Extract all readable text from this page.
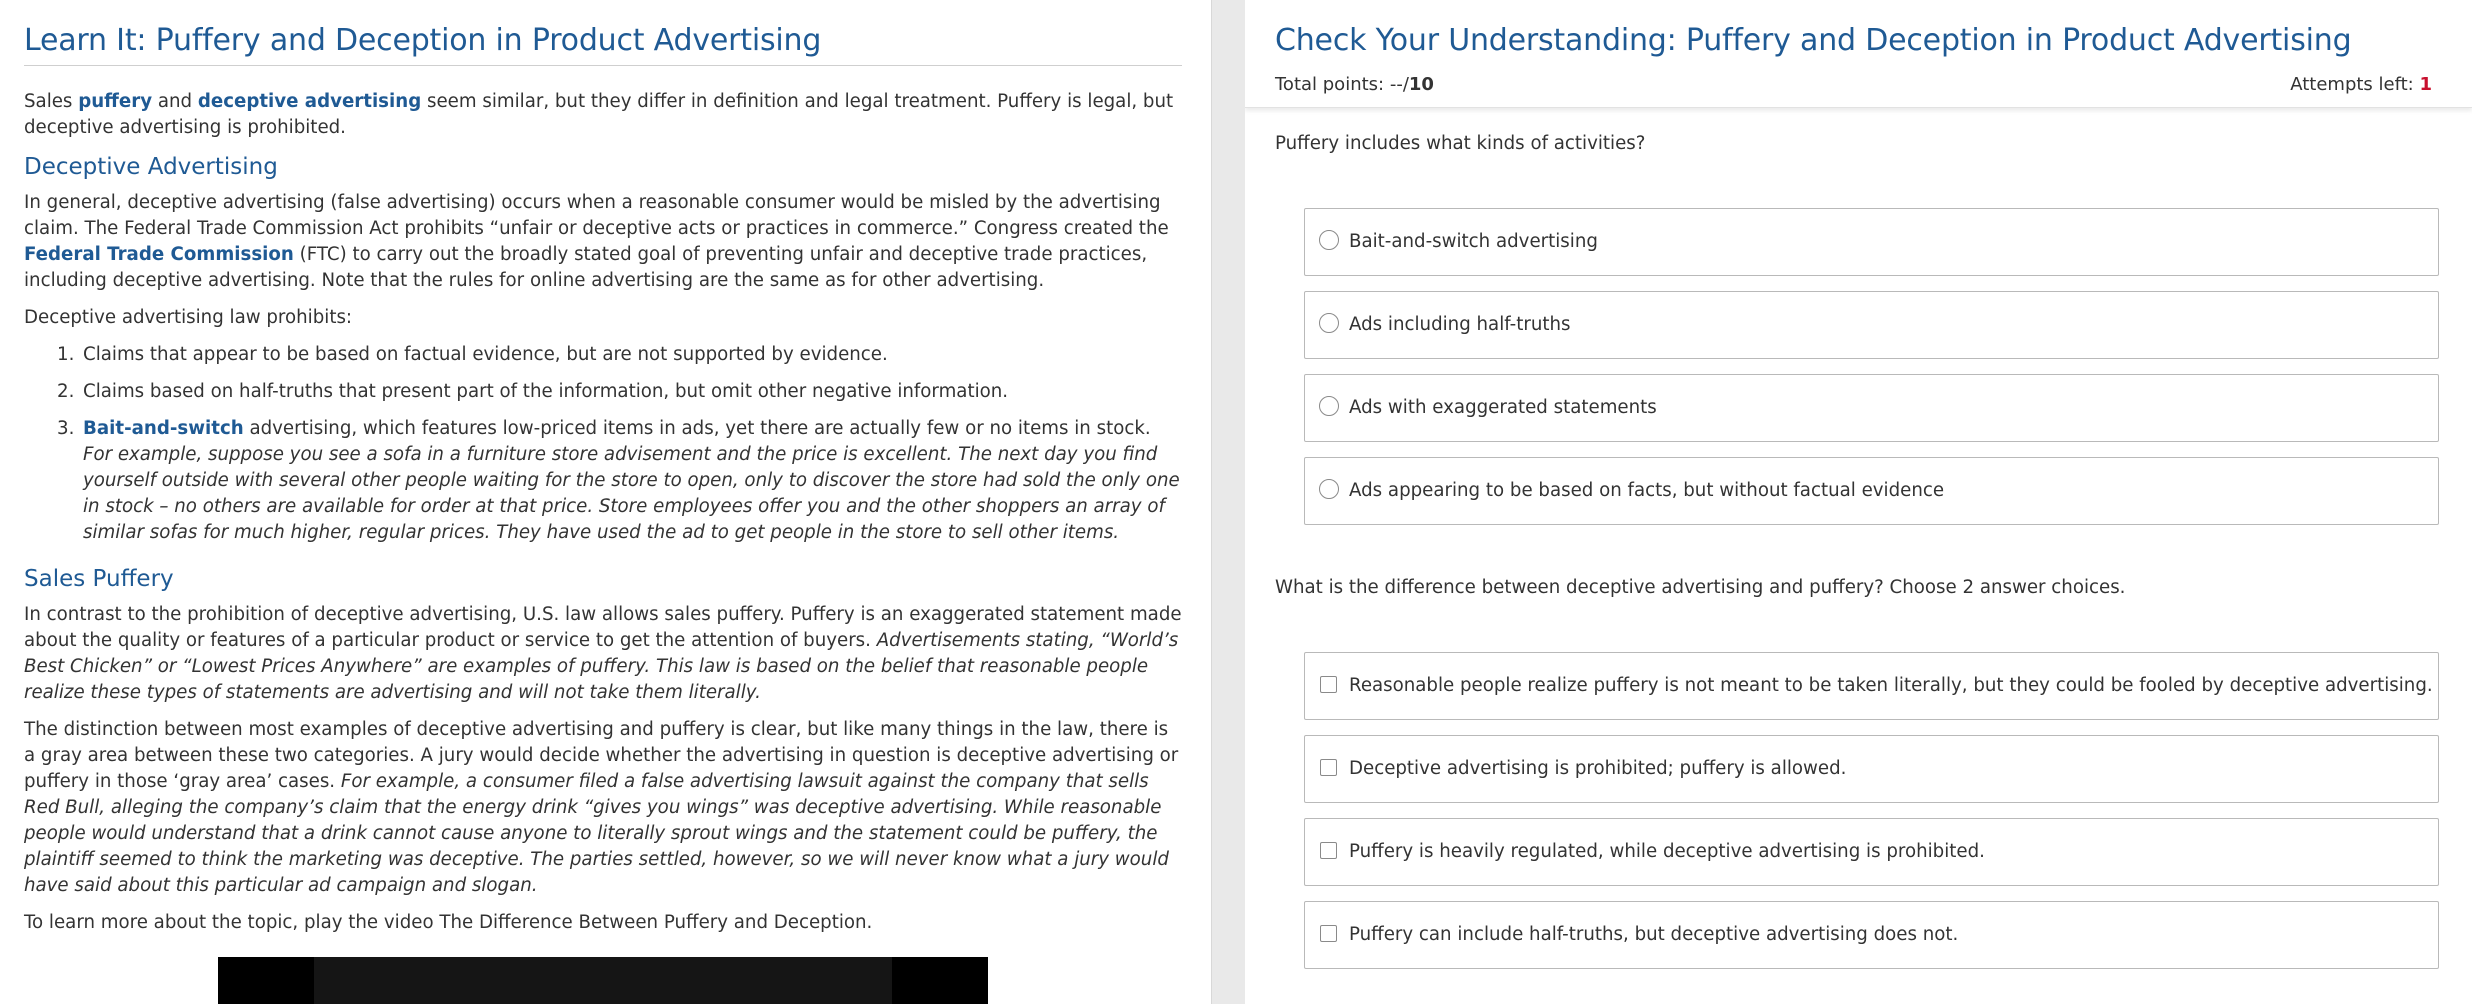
Learn It: Puffery and Deception in Product Advertising

Sales puffery and deceptive advertising seem similar, but they differ in definition and legal treatment. Puffery is legal, but deceptive advertising is prohibited.

Deceptive Advertising

In general, deceptive advertising (false advertising) occurs when a reasonable consumer would be misled by the advertising claim. The Federal Trade Commission Act prohibits “unfair or deceptive acts or practices in commerce.” Congress created the Federal Trade Commission (FTC) to carry out the broadly stated goal of preventing unfair and deceptive trade practices, including deceptive advertising. Note that the rules for online advertising are the same as for other advertising.

Deceptive advertising law prohibits:

1. Claims that appear to be based on factual evidence, but are not supported by evidence.
2. Claims based on half-truths that present part of the information, but omit other negative information.
3. Bait-and-switch advertising, which features low-priced items in ads, yet there are actually few or no items in stock. For example, suppose you see a sofa in a furniture store advisement and the price is excellent. The next day you find yourself outside with several other people waiting for the store to open, only to discover the store had sold the only one in stock – no others are available for order at that price. Store employees offer you and the other shoppers an array of similar sofas for much higher, regular prices. They have used the ad to get people in the store to sell other items.
Sales Puffery

In contrast to the prohibition of deceptive advertising, U.S. law allows sales puffery. Puffery is an exaggerated statement made about the quality or features of a particular product or service to get the attention of buyers. Advertisements stating, “World’s Best Chicken” or “Lowest Prices Anywhere” are examples of puffery. This law is based on the belief that reasonable people realize these types of statements are advertising and will not take them literally.

The distinction between most examples of deceptive advertising and puffery is clear, but like many things in the law, there is a gray area between these two categories. A jury would decide whether the advertising in question is deceptive advertising or puffery in those ‘gray area’ cases. For example, a consumer filed a false advertising lawsuit against the company that sells Red Bull, alleging the company’s claim that the energy drink “gives you wings” was deceptive advertising. While reasonable people would understand that a drink cannot cause anyone to literally sprout wings and the statement could be puffery, the plaintiff seemed to think the marketing was deceptive. The parties settled, however, so we will never know what a jury would have said about this particular ad campaign and slogan.

To learn more about the topic, play the video The Difference Between Puffery and Deception.

Check Your Understanding: Puffery and Deception in Product Advertising
Total points: --/10	Attempts left: 1
Puffery includes what kinds of activities?
Bait-and-switch advertising
Ads including half-truths
Ads with exaggerated statements
Ads appearing to be based on facts, but without factual evidence
What is the difference between deceptive advertising and puffery? Choose 2 answer choices.
Reasonable people realize puffery is not meant to be taken literally, but they could be fooled by deceptive advertising.
Deceptive advertising is prohibited; puffery is allowed.
Puffery is heavily regulated, while deceptive advertising is prohibited.
Puffery can include half-truths, but deceptive advertising does not.
